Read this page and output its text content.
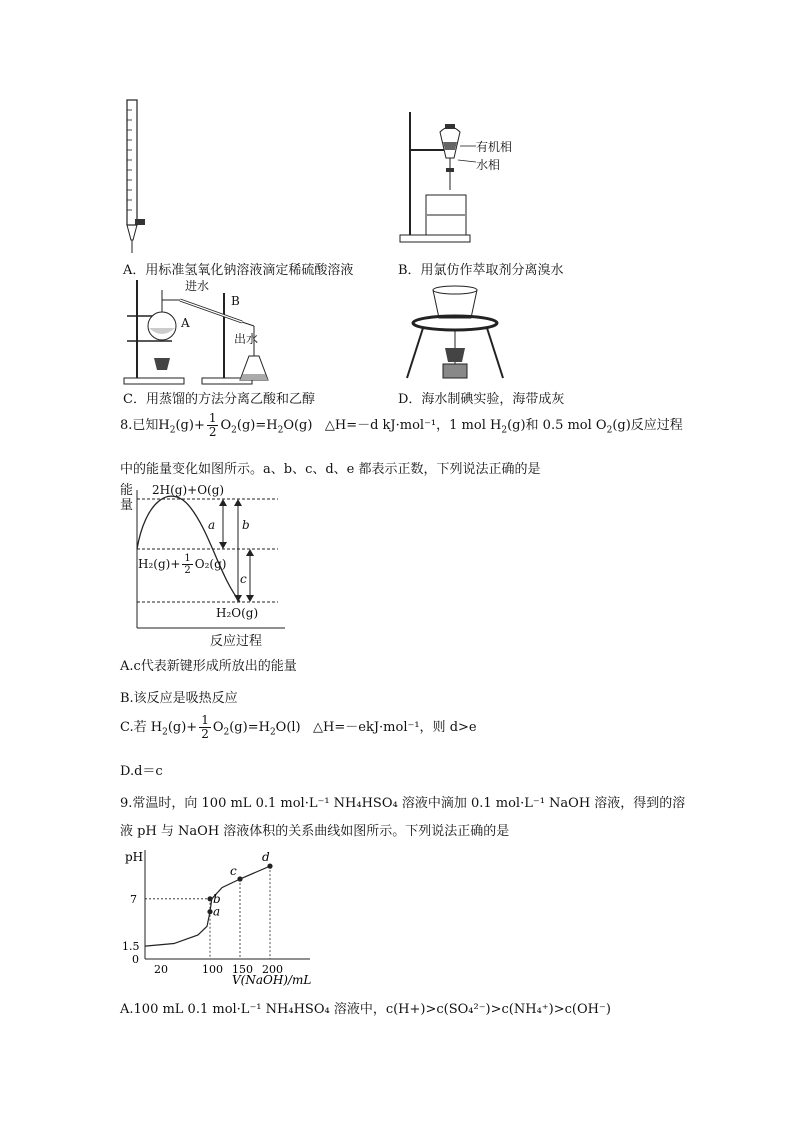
有机相
水相
A．用标准氢氧化钠溶液滴定稀硫酸溶液	B．用氯仿作萃取剂分离溴水
进水
出水
A
B
C．用蒸馏的方法分离乙酸和乙醇	D．海水制碘实验，海带成灰
8.已知$H_2(g)+ \frac{1}{2} O_2(g)=H_2O(g)$   △H=－d kJ·mol⁻¹，1 mol $H_2(g)$和 0.5 mol $O_2(g)$反应过程
中的能量变化如图所示。a、b、c、d、e 都表示正数，下列说法正确的是
能量
2H(g)+O(g)
a b
c
$H_2(g)+ \frac{1}{2} O_2(g)$
H₂O(g)
反应过程
A.c代表新键形成所放出的能量
B.该反应是吸热反应
C.若 $H_2(g)+ \frac{1}{2} O_2(g)=H_2O(l)$   △H=－ekJ·mol⁻¹，则 d>e
D.d＝c
9.常温时，向 100 mL 0.1 mol·L⁻¹ NH₄HSO₄ 溶液中滴加 0.1 mol·L⁻¹ NaOH 溶液，得到的溶
液 pH 与 NaOH 溶液体积的关系曲线如图所示。下列说法正确的是
pH
V(NaOH)/mL
20	100 150 200
0
1.5
7
a
b
c
d
A.100 mL 0.1 mol·L⁻¹ NH₄HSO₄ 溶液中，c(H+)>c(SO₄²⁻)>c(NH₄⁺)>c(OH⁻)
